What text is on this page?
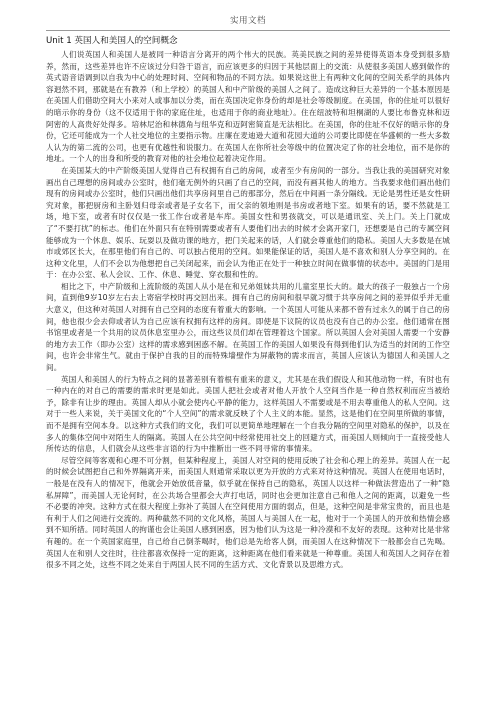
实用文档
Unit 1 英国人和美国人的空间概念

人们说英国人和美国人是被同一种语言分离开的两个伟大的民族。英美民族之间的差异使得英语本身受到很多励养，然而，这些差异也许不应该过分归咎于语言，而应该更多的归因于其他层面上的交流：从使很多美国人感到做作的英式语音语调到以自我为中心的处理时间、空间和物品的不同方法。如果说这世上有两种文化间的空间关系学的具体内容迥然不同，那就是在有教养（和上学校）的英国人和中产阶级的美国人之间了。造成这种巨大差异的一个基本原因是在美国人们借助空间大小来对人或事加以分类，而在英国决定你身份的却是社会等级制度。在美国，你的住址可以很好的暗示你的身份（这不仅适用于你的家庭住址，也适用于你的商业地址）。住在纽波特和坦桐湖的人要比布鲁克林和迈阿密的人高贵好处得多。培林尼治和林德角与纽华克和迈阿密简直是无法相比。在美国，你的住址不仅好的暗示你的身份，它还可能成为一个人社交地位的主要指示物。庄廉在麦迪逊大道和花园大道的公司要比即使在华盛顿的一些大多数人认为的第二流的公司，也更有优越性和说服力。在英国人在你所社会等级中的位置决定了你的社会地位，而不是你的地址。一个人的出身和所受的教育对他的社会地位起着决定作用。

在美国某大的中产阶级美国人觉得自己有权拥有自己的房间，或者至少有房间的一部分。当我让我的美国研究对象画出自己理想的房间或办公室时，他们毫无例外的只画了自己的空间，而没有画其他人的地方。当我要求他们画出他们现有的房间或办公室时，他们只画出他们共享房间里自己的那部分，然后在中间画一条分隔线。无论是男性还是女性研究对象，都把厨房和主卧划归母亲或者是子女名下，而父亲的领地则是书房或者地下室。如果有的话，要不然就是工场，地下室，或者有时仅仅是一张工作台或者是车库。美国女性和男孩就交，可以是通讯室、关上门。关上门就成了“不要打扰”的标志。他们在外面只有在特别需要或者有人要他们出去的时候才会离开家门，还想要是自己的专属空间能够成为一个休息、娱乐、玩耍以及做功课的地方，把门关起来的话，人们就会尊重他们的隐私。美国人大多数是在城市或郊区长大，在那里他们有自己的、可以独占使用的空间。如果能保证的话，美国人是不喜欢和别人分享空间的。在这种文化里，人们不会以为他想把自己关闭起来，而会认为他正在处于一种独立时间在做事情的状态中。美国的门是用于：在办公室、私人会议、工作、休息、睡觉、穿衣服和性的。

相比之下，中产阶级和上流阶级的英国人从小是在和兄弟姐妹共用的儿童室里长大的。最大的孩子一般独占一个房间，直到他9岁10岁左右去上寄宿学校时再交回出来。拥有自己的房间和很早就习惯于共享房间之间的差异似乎并无重大意义，但这种对英国人对拥有自己空间的态度有着重大的影响。一个英国人可能从来都不曾有过永久的属于自己的房间，他也很少会去仰或者认为自己应该有权拥有这样的房间。即使是下议院的议员也没有自己的办公室。他们通常在图书馆里或者是一个共用的议员休息室里办公，而这些议员们却在管理着这个国家。所以英国人会对美国人需要一个安静的地方去工作（即办公室）这样的需求感到困惑不解。在英国工作的美国人如果没有得到他们认为适当的封闭的工作空间，也许会非常生气。就由于保护自我的目的而特殊墙壁作为屏蔽物的需求而言，英国人应该认为德国人和美国人之间。

英国人和美国人的行为特点之间的显著差别有着根有重来的意义，尤其是在我们假设人和其他动物一样，有时也有一种内在的对自己的需要的需求时更是如此。美国人把社会或者对他人开放个人空间当作是一种自然权利而应当被给予，除非有让步的理由。英国人却从小就会使内心平静的能力，这样英国人不需要或是不用去尊重他人的私人空间。这对于一些人来说，关于美国文化的“个人空间”的需求就反映了个人主义的本能。显然，这是他们在空间里所做的事情，而不是拥有空间本身。以这种方式我们的文化，我们可以更简单地理解在一个自我分隔的空间里对隐私的保护，以及在多人的集体空间中对陌生人的隔离。英国人在公共空间中经常使用社交上的回避方式，而美国人则倾向于一直接受他人所传达的信息，人们就会从这些非言语的行为中推断出一些不同寻常的事情来。

尽管空间等客观和心理不可分割，但某种程度上，美国人对空间的使用反映了社会和心理上的差异。英国人在一起的时候会试图把自己和外界隔离开来，而美国人则通常采取以更为开放的方式来对待这种情况。英国人在使用电话时，一般是在没有人的情况下，他就会开始放低音量，似乎就在保持自己的隐私，英国人以这样一种做法营造出了一种“隐私屏障”，而美国人无论何时，在公共场合里都会大声打电话，同时也会更加注意自己和他人之间的距离，以避免一些不必要的冲突。这种方式在很大程度上弥补了英国人在空间使用方面的弱点，但是，这种空间是非常宝贵的，而且也是有利于人们之间进行交流的。两种截然不同的文化风格，英国人与美国人在一起，他对于一个美国人的开放和热情会感到不知所措。同时英国人的拘谨也会让美国人感到困惑，因为他们认为这是一种冷漠和不友好的表现。这种对比是非常有趣的。在一个英国家庭里，自己给自己倒茶喝时，他们总是先给客人倒，而美国人在这种情况下一般都会自己先喝。英国人在和别人交往时，往往都喜欢保持一定的距离，这种距离在他们看来就是一种尊重。美国人和英国人之间存在着很多不同之处，这些不同之处来自于两国人民不同的生活方式、文化背景以及思维方式。
